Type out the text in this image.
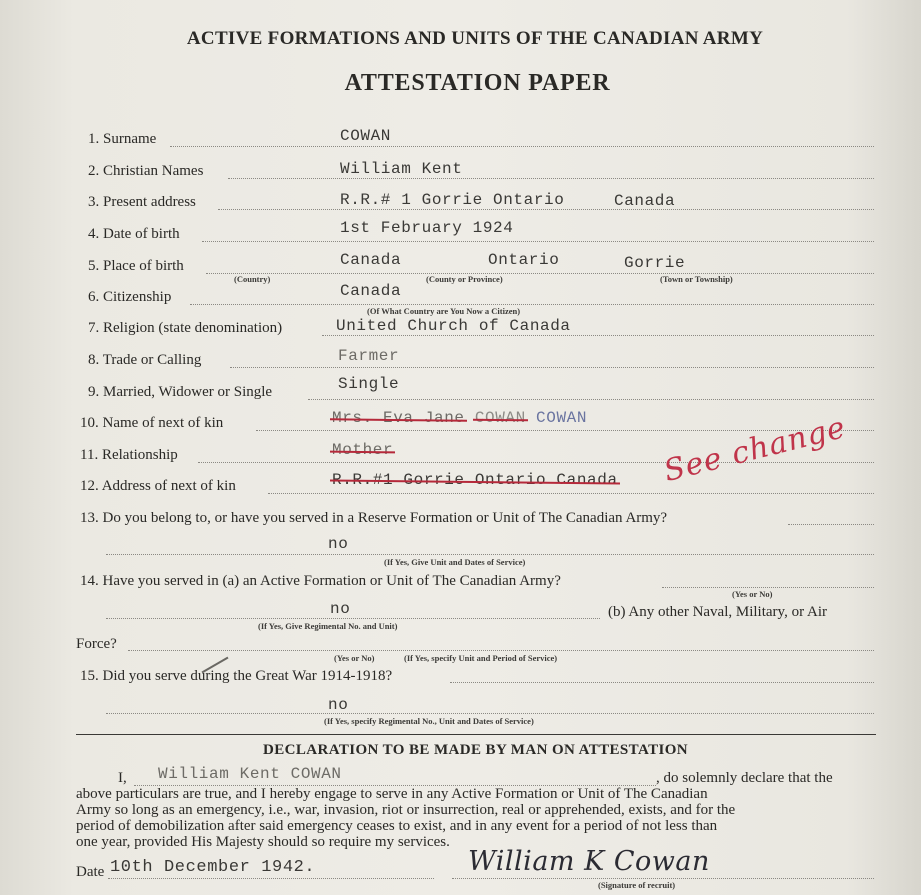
ACTIVE FORMATIONS AND UNITS OF THE CANADIAN ARMY
ATTESTATION PAPER
1. Surname	COWAN
2. Christian Names	William Kent
3. Present address	R.R.# 1 Gorrie Ontario	Canada
4. Date of birth	1st February 1924
5. Place of birth	Canada	Ontario	Gorrie
(Country)	(County or Province)	(Town or Township)
6. Citizenship	Canada
(Of What Country are You Now a Citizen)
7. Religion (state denomination)	United Church of Canada
8. Trade or Calling	Farmer
9. Married, Widower or Single	Single
10. Name of next of kin	Mrs. Eva Jane COWAN COWAN
11. Relationship	Mother	See change
12. Address of next of kin	R.R.#1 Gorrie Ontario Canada
13. Do you belong to, or have you served in a Reserve Formation or Unit of The Canadian Army?
no
(If Yes, Give Unit and Dates of Service)
14. Have you served in (a) an Active Formation or Unit of The Canadian Army?
(Yes or No)
no	(b) Any other Naval, Military, or Air
(If Yes, Give Regimental No. and Unit)
Force?
(Yes or No)	(If Yes, specify Unit and Period of Service)
15. Did you serve during the Great War 1914-1918?
no
(If Yes, specify Regimental No., Unit and Dates of Service)
DECLARATION TO BE MADE BY MAN ON ATTESTATION
I, William Kent COWAN	, do solemnly declare that the
above particulars are true, and I hereby engage to serve in any Active Formation or Unit of The Canadian
Army so long as an emergency, i.e., war, invasion, riot or insurrection, real or apprehended, exists, and for the
period of demobilization after said emergency ceases to exist, and in any event for a period of not less than
one year, provided His Majesty should so require my services.
Date 10th December 1942.	William K Cowan
(Signature of recruit)
